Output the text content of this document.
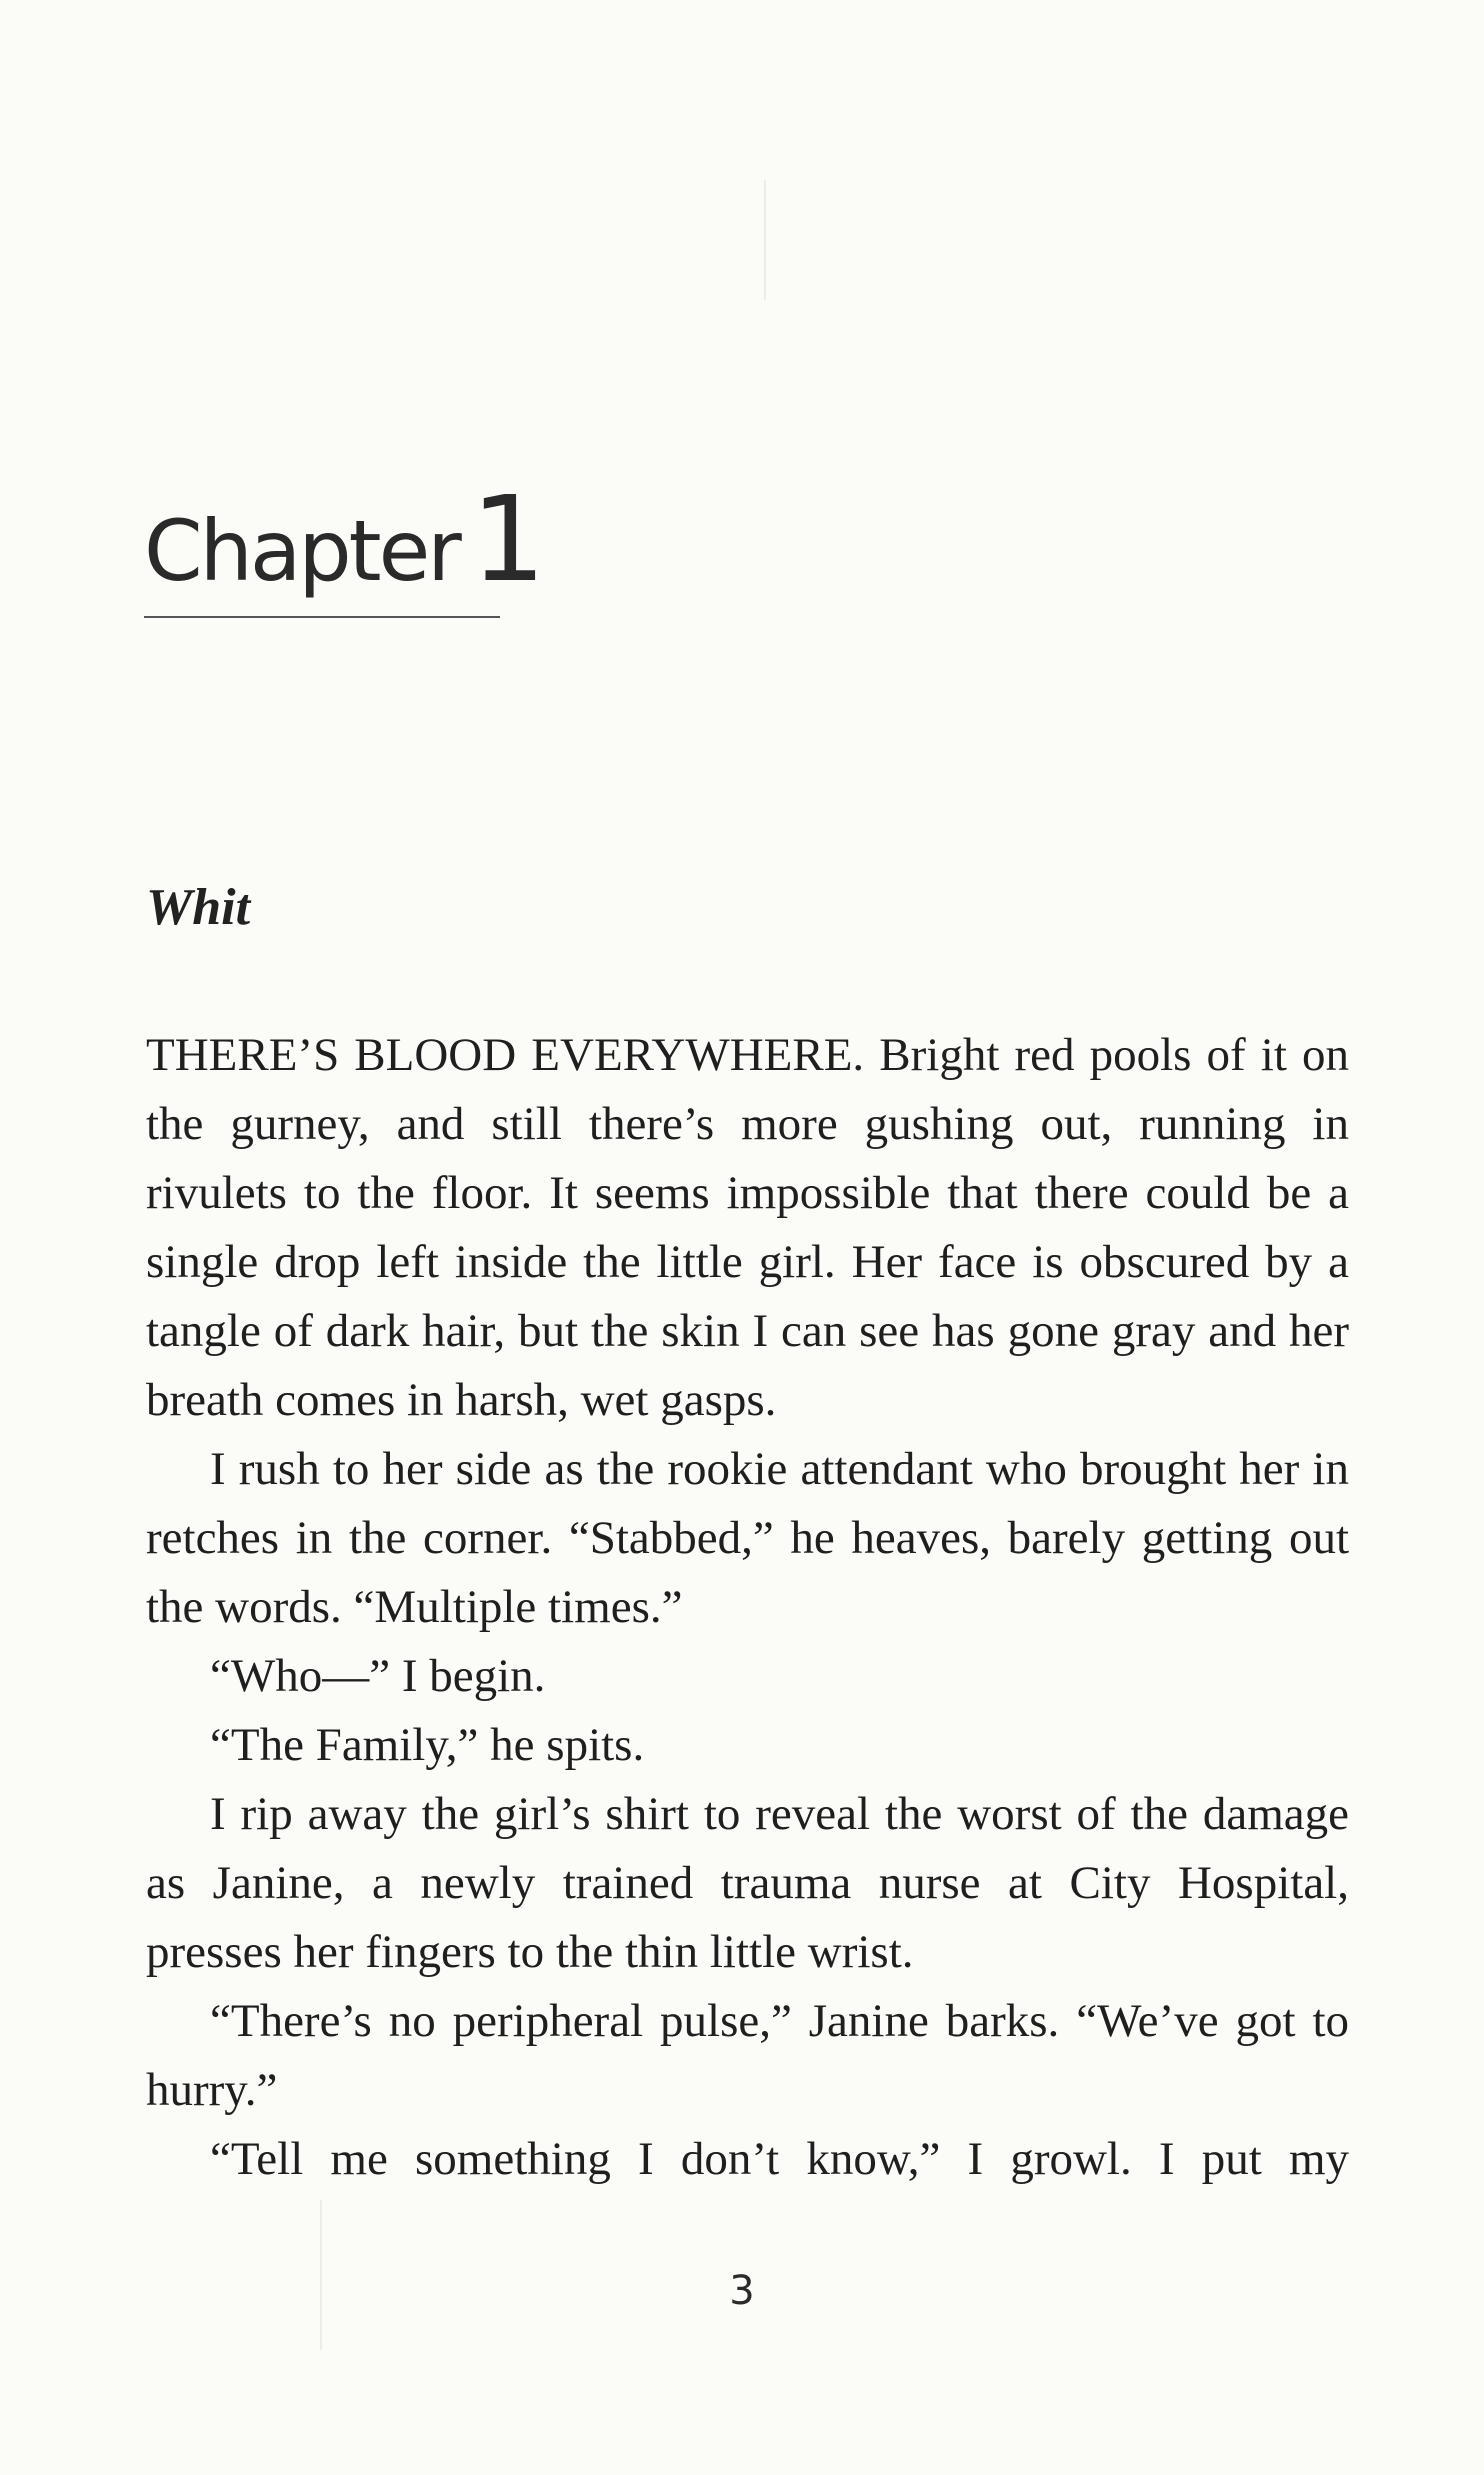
Chapter 1
Whit

THERE’S BLOOD EVERYWHERE. Bright red pools of it on the gurney, and still there’s more gushing out, running in rivulets to the floor. It seems impossible that there could be a single drop left inside the little girl. Her face is obscured by a tangle of dark hair, but the skin I can see has gone gray and her breath comes in harsh, wet gasps.

I rush to her side as the rookie attendant who brought her in retches in the corner. “Stabbed,” he heaves, barely getting out the words. “Multiple times.”

“Who—” I begin.

“The Family,” he spits.

I rip away the girl’s shirt to reveal the worst of the damage as Janine, a newly trained trauma nurse at City Hospital, presses her fingers to the thin little wrist.

“There’s no peripheral pulse,” Janine barks. “We’ve got to hurry.”

“Tell me something I don’t know,” I growl. I put my

3
